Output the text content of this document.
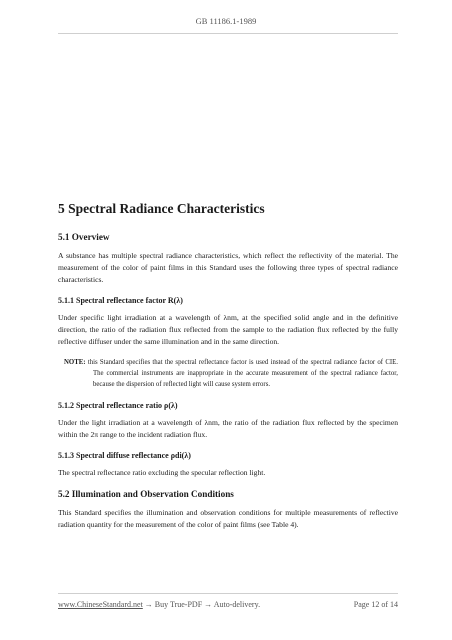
GB 11186.1-1989
5 Spectral Radiance Characteristics
5.1 Overview

A substance has multiple spectral radiance characteristics, which reflect the reflectivity of the material. The measurement of the color of paint films in this Standard uses the following three types of spectral radiance characteristics.

5.1.1 Spectral reflectance factor R(λ)

Under specific light irradiation at a wavelength of λnm, at the specified solid angle and in the definitive direction, the ratio of the radiation flux reflected from the sample to the radiation flux reflected by the fully reflective diffuser under the same illumination and in the same direction.

NOTE: this Standard specifies that the spectral reflectance factor is used instead of the spectral radiance factor of CIE. The commercial instruments are inappropriate in the accurate measurement of the spectral radiance factor, because the dispersion of reflected light will cause system errors.
5.1.2 Spectral reflectance ratio ρ(λ)

Under the light irradiation at a wavelength of λnm, the ratio of the radiation flux reflected by the specimen within the 2π range to the incident radiation flux.

5.1.3 Spectral diffuse reflectance ρdi(λ)

The spectral reflectance ratio excluding the specular reflection light.

5.2 Illumination and Observation Conditions

This Standard specifies the illumination and observation conditions for multiple measurements of reflective radiation quantity for the measurement of the color of paint films (see Table 4).

www.ChineseStandard.net → Buy True-PDF → Auto-delivery.	Page 12 of 14
